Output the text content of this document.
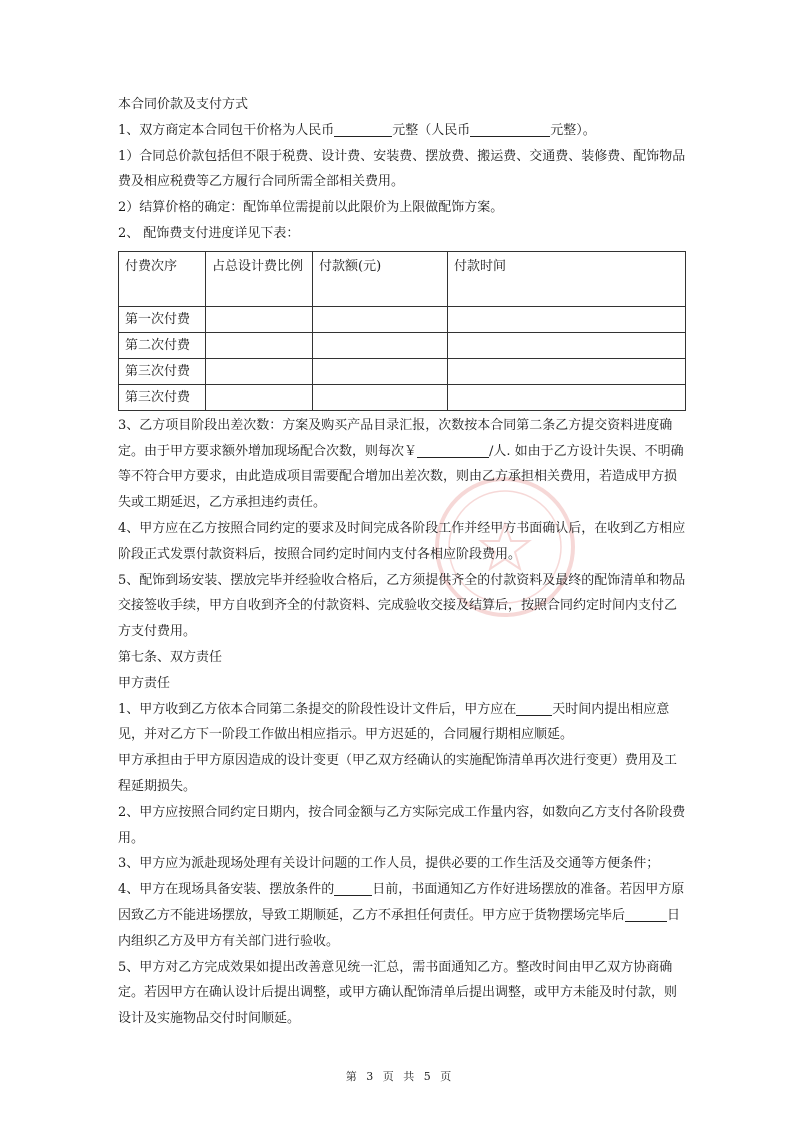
本合同价款及支付方式

1、双方商定本合同包干价格为人民币	元整（人民币	元整）。

1）合同总价款包括但不限于税费、设计费、安装费、摆放费、搬运费、交通费、装修费、配饰物品费及相应税费等乙方履行合同所需全部相关费用。

2）结算价格的确定：配饰单位需提前以此限价为上限做配饰方案。

2、 配饰费支付进度详见下表：

付费次序	占总设计费比例	付款额(元)	付款时间
第一次付费			
第二次付费			
第三次付费			
第三次付费			

3、乙方项目阶段出差次数：方案及购买产品目录汇报，次数按本合同第二条乙方提交资料进度确定。由于甲方要求额外增加现场配合次数，则每次￥	/人. 如由于乙方设计失误、不明确等不符合甲方要求，由此造成项目需要配合增加出差次数，则由乙方承担相关费用，若造成甲方损失或工期延迟，乙方承担违约责任。

4、甲方应在乙方按照合同约定的要求及时间完成各阶段工作并经甲方书面确认后，在收到乙方相应阶段正式发票付款资料后，按照合同约定时间内支付各相应阶段费用。

5、配饰到场安装、摆放完毕并经验收合格后，乙方须提供齐全的付款资料及最终的配饰清单和物品交接签收手续，甲方自收到齐全的付款资料、完成验收交接及结算后，按照合同约定时间内支付乙方支付费用。

第七条、双方责任

甲方责任

1、甲方收到乙方依本合同第二条提交的阶段性设计文件后，甲方应在	天时间内提出相应意见，并对乙方下一阶段工作做出相应指示。甲方迟延的，合同履行期相应顺延。

甲方承担由于甲方原因造成的设计变更（甲乙双方经确认的实施配饰清单再次进行变更）费用及工程延期损失。

2、甲方应按照合同约定日期内，按合同金额与乙方实际完成工作量内容，如数向乙方支付各阶段费用。

3、甲方应为派赴现场处理有关设计问题的工作人员，提供必要的工作生活及交通等方便条件；

4、甲方在现场具备安装、摆放条件的	日前，书面通知乙方作好进场摆放的准备。若因甲方原因致乙方不能进场摆放，导致工期顺延，乙方不承担任何责任。甲方应于货物摆场完毕后	日内组织乙方及甲方有关部门进行验收。

5、甲方对乙方完成效果如提出改善意见统一汇总，需书面通知乙方。整改时间由甲乙双方协商确定。若因甲方在确认设计后提出调整，或甲方确认配饰清单后提出调整，或甲方未能及时付款，则设计及实施物品交付时间顺延。

第 3 页 共 5 页
